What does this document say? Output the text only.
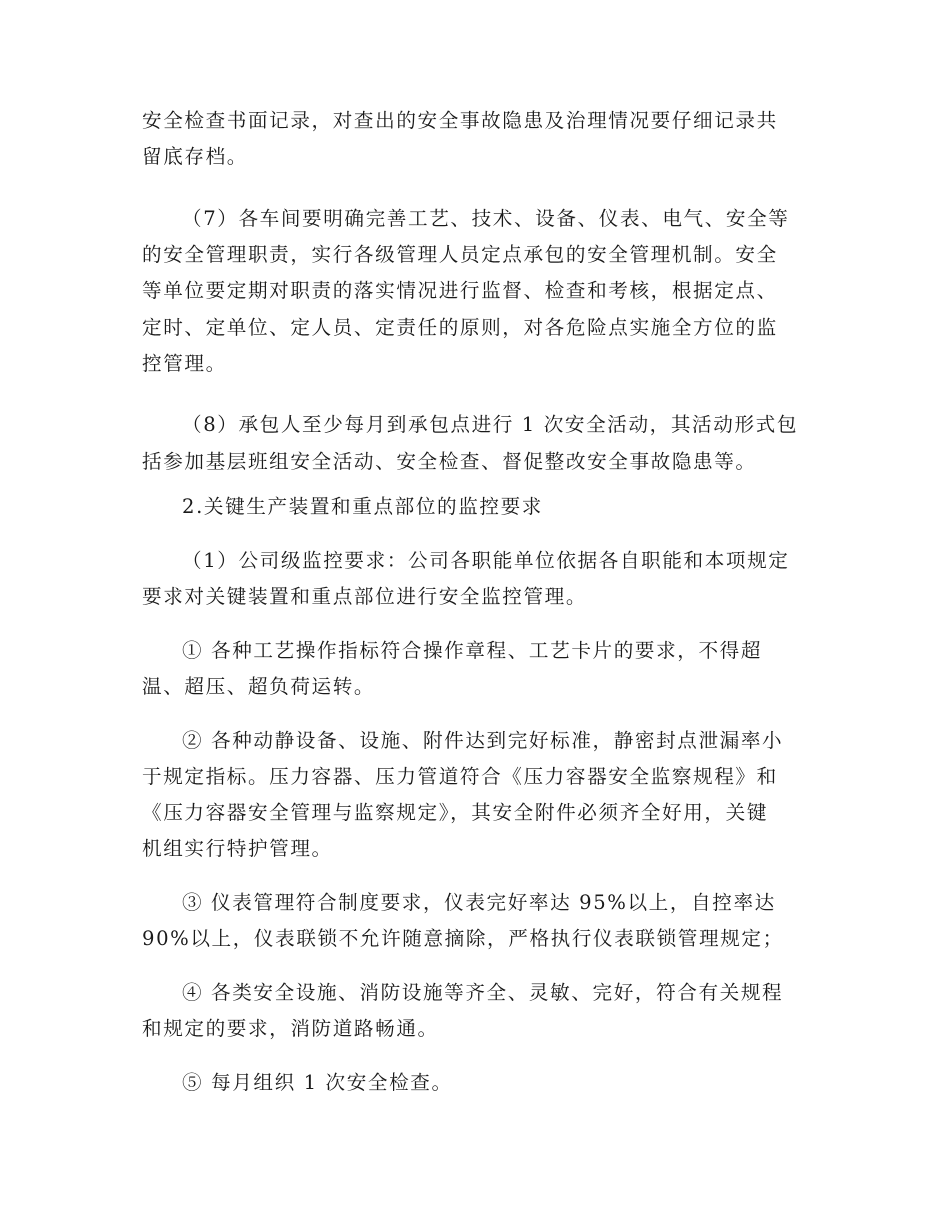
安全检查书面记录，对查出的安全事故隐患及治理情况要仔细记录共
留底存档。
（7）各车间要明确完善工艺、技术、设备、仪表、电气、安全等
的安全管理职责，实行各级管理人员定点承包的安全管理机制。安全
等单位要定期对职责的落实情况进行监督、检查和考核，根据定点、
定时、定单位、定人员、定责任的原则，对各危险点实施全方位的监
控管理。
（8）承包人至少每月到承包点进行 1 次安全活动，其活动形式包
括参加基层班组安全活动、安全检查、督促整改安全事故隐患等。
2.关键生产装置和重点部位的监控要求
（1）公司级监控要求：公司各职能单位依据各自职能和本项规定
要求对关键装置和重点部位进行安全监控管理。
① 各种工艺操作指标符合操作章程、工艺卡片的要求，不得超
温、超压、超负荷运转。
② 各种动静设备、设施、附件达到完好标准，静密封点泄漏率小
于规定指标。压力容器、压力管道符合《压力容器安全监察规程》和
《压力容器安全管理与监察规定》，其安全附件必须齐全好用，关键
机组实行特护管理。
③ 仪表管理符合制度要求，仪表完好率达 95%以上，自控率达
90%以上，仪表联锁不允许随意摘除，严格执行仪表联锁管理规定；
④ 各类安全设施、消防设施等齐全、灵敏、完好，符合有关规程
和规定的要求，消防道路畅通。
⑤ 每月组织 1 次安全检查。
